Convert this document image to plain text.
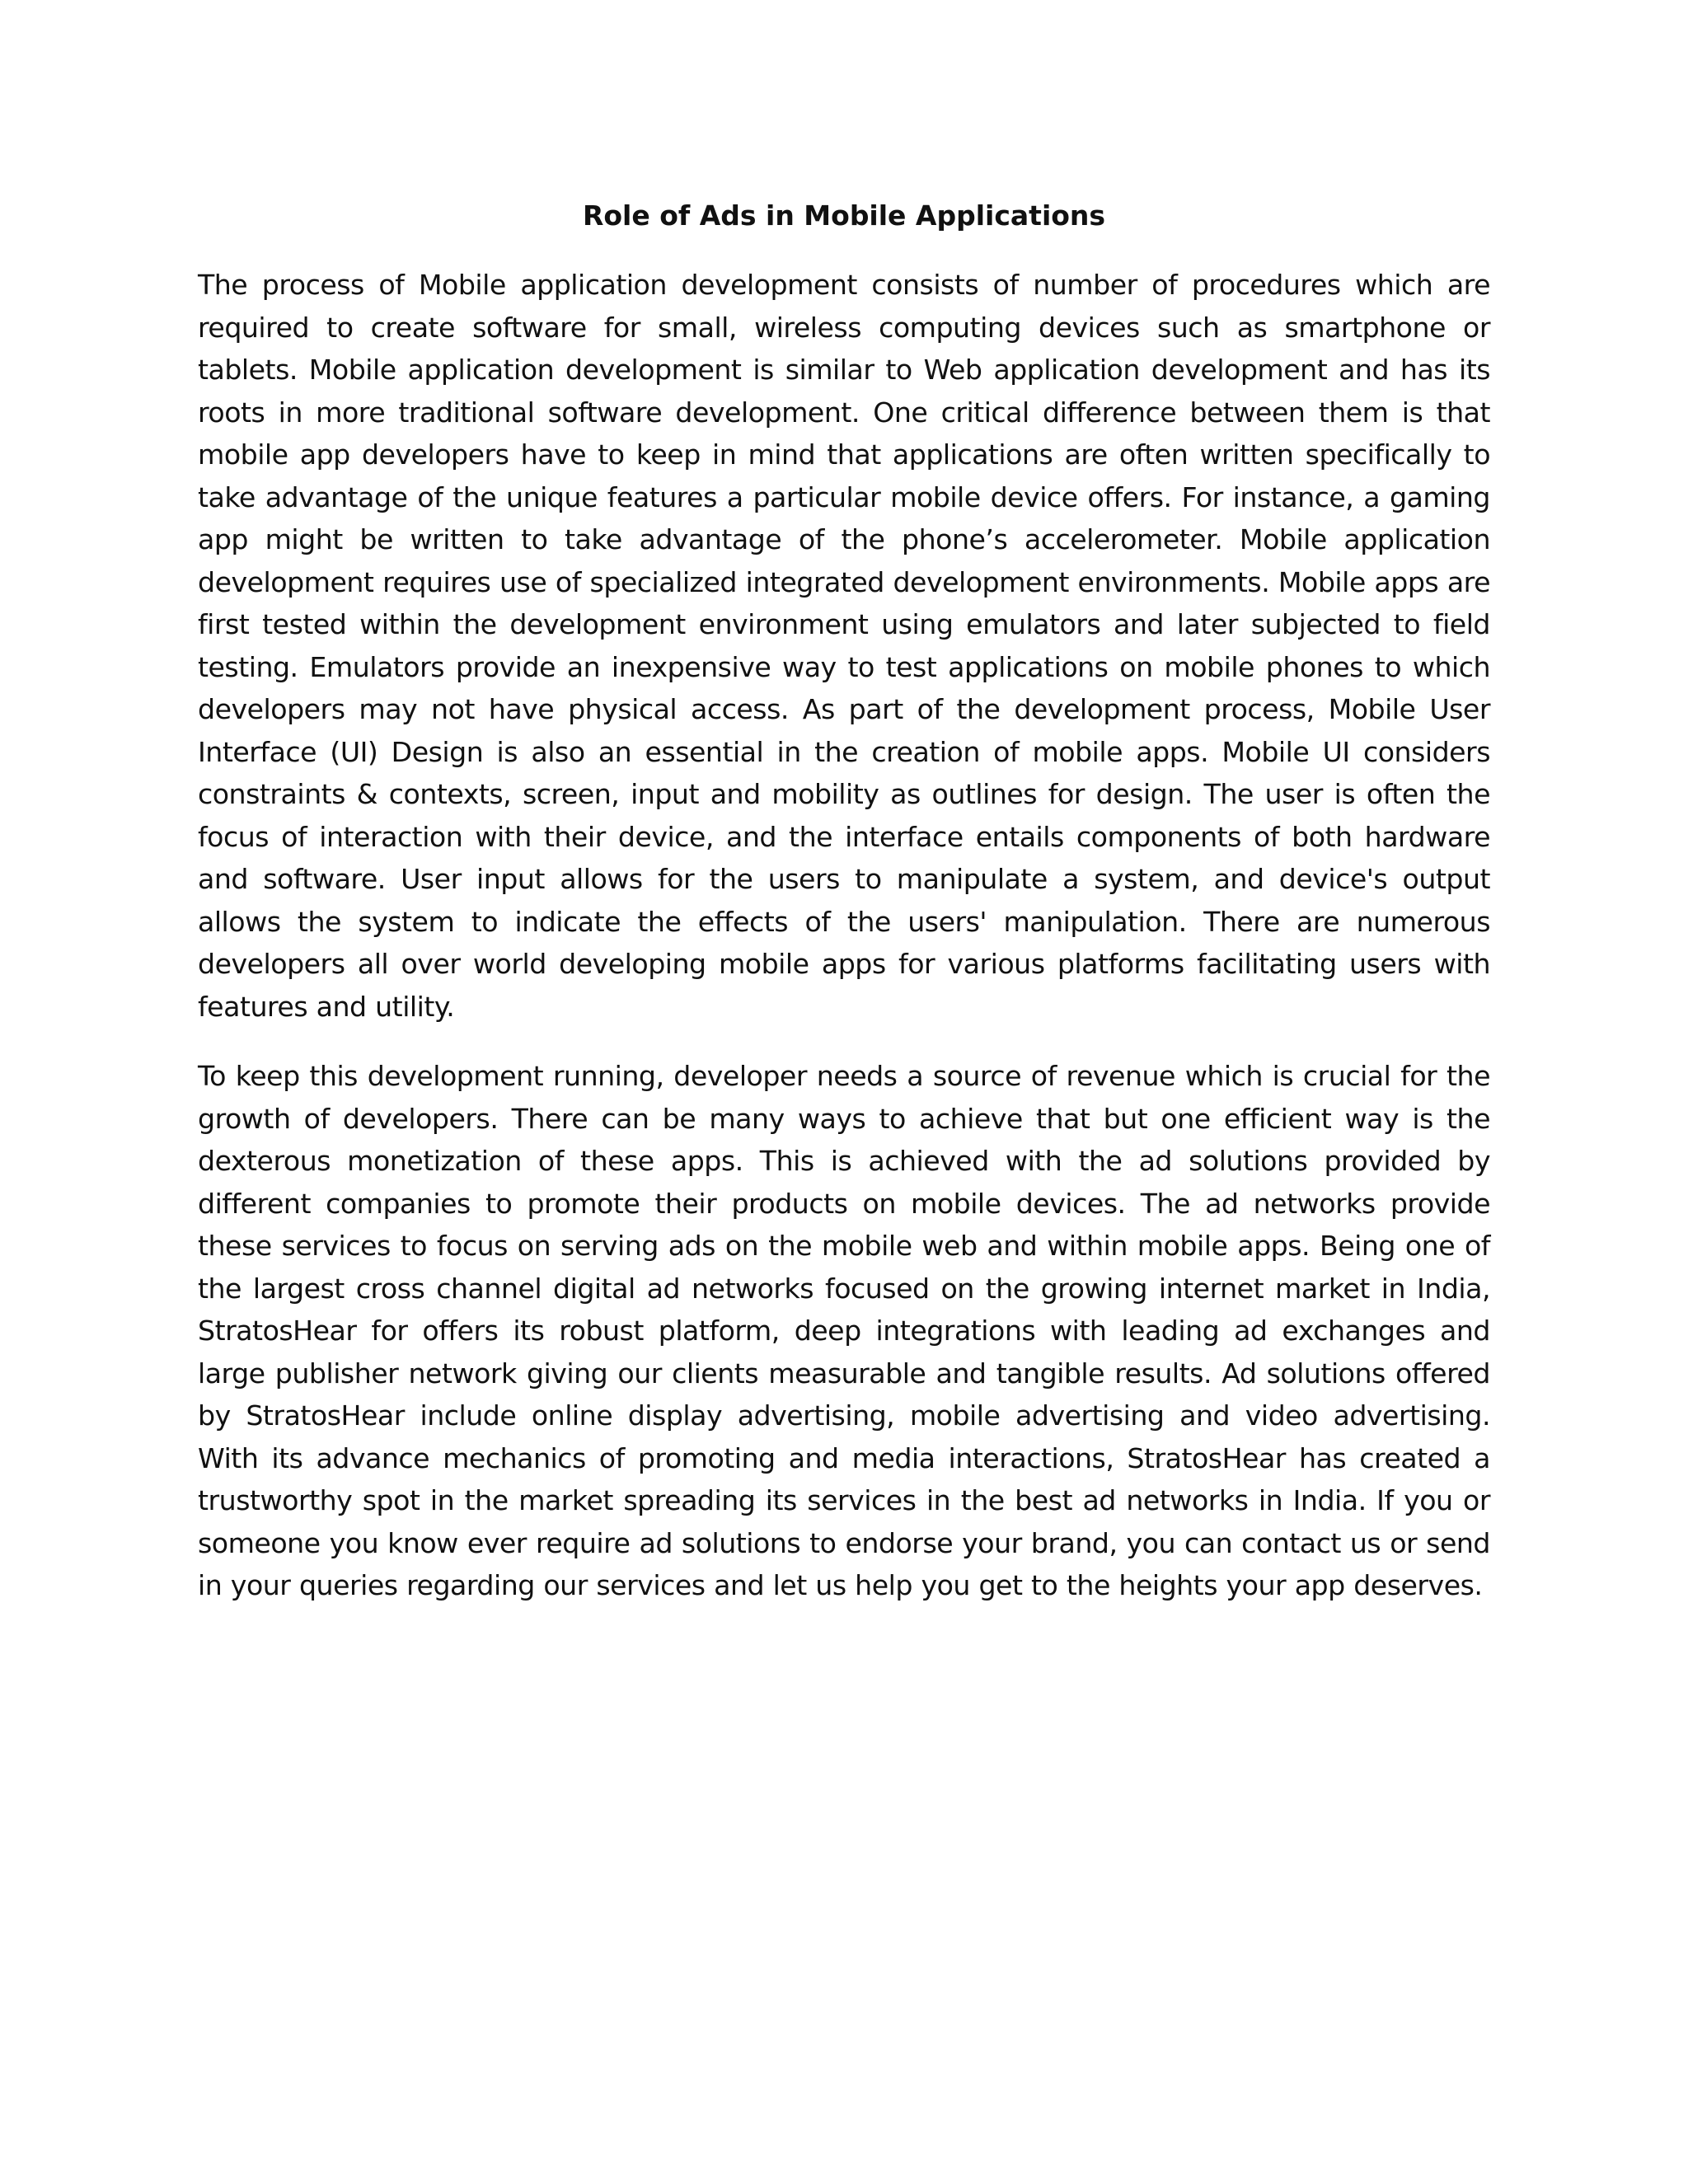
Role of Ads in Mobile Applications

The process of Mobile application development consists of number of procedures which are required to create software for small, wireless computing devices such as smartphone or tablets. Mobile application development is similar to Web application development and has its roots in more traditional software development. One critical difference between them is that mobile app developers have to keep in mind that applications are often written specifically to take advantage of the unique features a particular mobile device offers. For instance, a gaming app might be written to take advantage of the phone’s accelerometer. Mobile application development requires use of specialized integrated development environments. Mobile apps are first tested within the development environment using emulators and later subjected to field testing. Emulators provide an inexpensive way to test applications on mobile phones to which developers may not have physical access. As part of the development process, Mobile User Interface (UI) Design is also an essential in the creation of mobile apps. Mobile UI considers constraints & contexts, screen, input and mobility as outlines for design. The user is often the focus of interaction with their device, and the interface entails components of both hardware and software. User input allows for the users to manipulate a system, and device's output allows the system to indicate the effects of the users' manipulation. There are numerous developers all over world developing mobile apps for various platforms facilitating users with features and utility.

To keep this development running, developer needs a source of revenue which is crucial for the growth of developers. There can be many ways to achieve that but one efficient way is the dexterous monetization of these apps. This is achieved with the ad solutions provided by different companies to promote their products on mobile devices. The ad networks provide these services to focus on serving ads on the mobile web and within mobile apps. Being one of the largest cross channel digital ad networks focused on the growing internet market in India, StratosHear for offers its robust platform, deep integrations with leading ad exchanges and large publisher network giving our clients measurable and tangible results. Ad solutions offered by StratosHear include online display advertising, mobile advertising and video advertising. With its advance mechanics of promoting and media interactions, StratosHear has created a trustworthy spot in the market spreading its services in the best ad networks in India. If you or someone you know ever require ad solutions to endorse your brand, you can contact us or send in your queries regarding our services and let us help you get to the heights your app deserves.
